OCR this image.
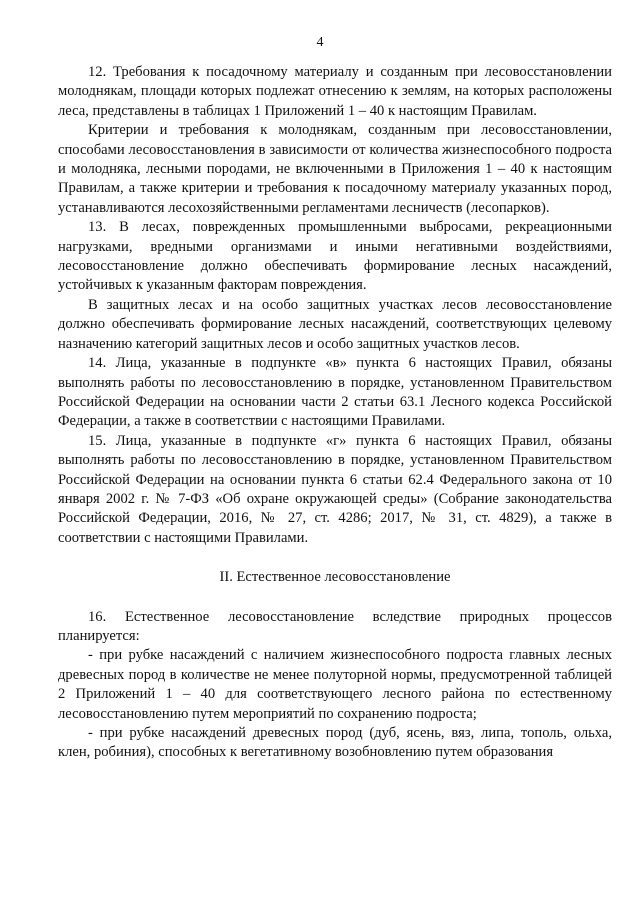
4

12. Требования к посадочному материалу и созданным при лесовосстановлении молоднякам, площади которых подлежат отнесению к землям, на которых расположены леса, представлены в таблицах 1 Приложений 1 – 40 к настоящим Правилам.

Критерии и требования к молоднякам, созданным при лесовосстановлении, способами лесовосстановления в зависимости от количества жизнеспособного подроста и молодняка, лесными породами, не включенными в Приложения 1 – 40 к настоящим Правилам, а также критерии и требования к посадочному материалу указанных пород, устанавливаются лесохозяйственными регламентами лесничеств (лесопарков).

13. В лесах, поврежденных промышленными выбросами, рекреационными нагрузками, вредными организмами и иными негативными воздействиями, лесовосстановление должно обеспечивать формирование лесных насаждений, устойчивых к указанным факторам повреждения.

В защитных лесах и на особо защитных участках лесов лесовосстановление должно обеспечивать формирование лесных насаждений, соответствующих целевому назначению категорий защитных лесов и особо защитных участков лесов.

14. Лица, указанные в подпункте «в» пункта 6 настоящих Правил, обязаны выполнять работы по лесовосстановлению в порядке, установленном Правительством Российской Федерации на основании части 2 статьи 63.1 Лесного кодекса Российской Федерации, а также в соответствии с настоящими Правилами.

15. Лица, указанные в подпункте «г» пункта 6 настоящих Правил, обязаны выполнять работы по лесовосстановлению в порядке, установленном Правительством Российской Федерации на основании пункта 6 статьи 62.4 Федерального закона от 10 января 2002 г. № 7-ФЗ «Об охране окружающей среды» (Собрание законодательства Российской Федерации, 2016, № 27, ст. 4286; 2017, № 31, ст. 4829), а также в соответствии с настоящими Правилами.

II. Естественное лесовосстановление

16. Естественное лесовосстановление вследствие природных процессов планируется:

- при рубке насаждений с наличием жизнеспособного подроста главных лесных древесных пород в количестве не менее полуторной нормы, предусмотренной таблицей 2 Приложений 1 – 40 для соответствующего лесного района по естественному лесовосстановлению путем мероприятий по сохранению подроста;

- при рубке насаждений древесных пород (дуб, ясень, вяз, липа, тополь, ольха, клен, робиния), способных к вегетативному возобновлению путем образования
